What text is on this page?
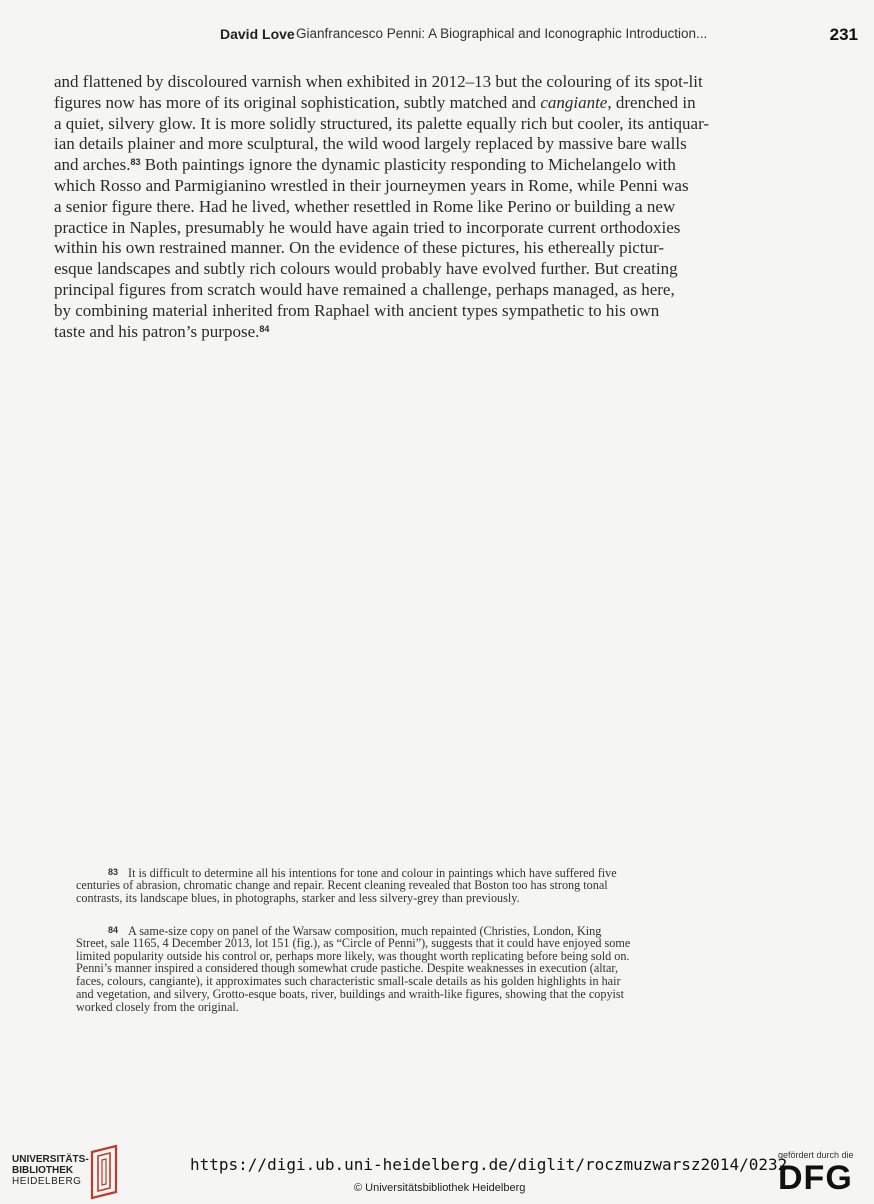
David Love Gianfrancesco Penni: A Biographical and Iconographic Introduction...	231
and flattened by discoloured varnish when exhibited in 2012–13 but the colouring of its spot-lit
figures now has more of its original sophistication, subtly matched and cangiante, drenched in
a quiet, silvery glow. It is more solidly structured, its palette equally rich but cooler, its antiquar-
ian details plainer and more sculptural, the wild wood largely replaced by massive bare walls
and arches.$^{83}$ Both paintings ignore the dynamic plasticity responding to Michelangelo with
which Rosso and Parmigianino wrestled in their journeymen years in Rome, while Penni was
a senior figure there. Had he lived, whether resettled in Rome like Perino or building a new
practice in Naples, presumably he would have again tried to incorporate current orthodoxies
within his own restrained manner. On the evidence of these pictures, his ethereally pictur-
esque landscapes and subtly rich colours would probably have evolved further. But creating
principal figures from scratch would have remained a challenge, perhaps managed, as here,
by combining material inherited from Raphael with ancient types sympathetic to his own
taste and his patron’s purpose.$^{84}$
83 It is difficult to determine all his intentions for tone and colour in paintings which have suffered five
centuries of abrasion, chromatic change and repair. Recent cleaning revealed that Boston too has strong tonal
contrasts, its landscape blues, in photographs, starker and less silvery-grey than previously.
84 A same-size copy on panel of the Warsaw composition, much repainted (Christies, London, King
Street, sale 1165, 4 December 2013, lot 151 (fig.), as “Circle of Penni”), suggests that it could have enjoyed some
limited popularity outside his control or, perhaps more likely, was thought worth replicating before being sold on.
Penni’s manner inspired a considered though somewhat crude pastiche. Despite weaknesses in execution (altar,
faces, colours, cangiante), it approximates such characteristic small-scale details as his golden highlights in hair
and vegetation, and silvery, Grotto-esque boats, river, buildings and wraith-like figures, showing that the copyist
worked closely from the original.
UNIVERSITÄTS-
BIBLIOTHEK
HEIDELBERG
https://digi.ub.uni-heidelberg.de/diglit/roczmuzwarsz2014/0232
© Universitätsbibliothek Heidelberg
gefördert durch die
DFG
